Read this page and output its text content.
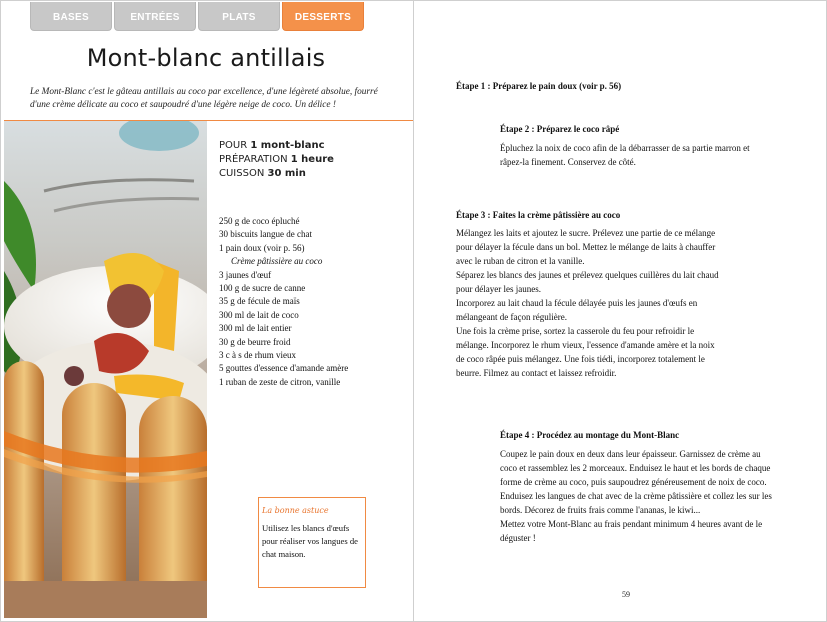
BASES	ENTRÉES	PLATS	DESSERTS
Mont-blanc antillais
Le Mont-Blanc c'est le gâteau antillais au coco par excellence, d'une légèreté absolue, fourré d'une crème délicate au coco et saupoudré d'une légère neige de coco. Un délice !
POUR 1 mont-blanc
PRÉPARATION 1 heure
CUISSON 30 min
250 g de coco épluché
30 biscuits langue de chat
1 pain doux (voir p. 56)
Crème pâtissière au coco
3 jaunes d'œuf
100 g de sucre de canne
35 g de fécule de maïs
300 ml de lait de coco
300 ml de lait entier
30 g de beurre froid
3 c à s de rhum vieux
5 gouttes d'essence d'amande amère
1 ruban de zeste de citron, vanille
La bonne astuce
Utilisez les blancs d'œufs pour réaliser vos langues de chat maison.
Étape 1 : Préparez le pain doux (voir p. 56)
Étape 2 : Préparez le coco râpé
Épluchez la noix de coco afin de la débarrasser de sa partie marron et
râpez-la finement. Conservez de côté.
Étape 3 : Faites la crème pâtissière au coco
Mélangez les laits et ajoutez le sucre. Prélevez une partie de ce mélange
pour délayer la fécule dans un bol. Mettez le mélange de laits à chauffer
avec le ruban de citron et la vanille.
Séparez les blancs des jaunes et prélevez quelques cuillères du lait chaud
pour délayer les jaunes.
Incorporez au lait chaud la fécule délayée puis les jaunes d'œufs en
mélangeant de façon régulière.
Une fois la crème prise, sortez la casserole du feu pour refroidir le
mélange. Incorporez le rhum vieux, l'essence d'amande amère et la noix
de coco râpée puis mélangez. Une fois tiédi, incorporez totalement le
beurre. Filmez au contact et laissez refroidir.
Étape 4 : Procédez au montage du Mont-Blanc
Coupez le pain doux en deux dans leur épaisseur. Garnissez de crème au
coco et rassemblez les 2 morceaux. Enduisez le haut et les bords de chaque
forme de crème au coco, puis saupoudrez généreusement de noix de coco.
Enduisez les langues de chat avec de la crème pâtissière et collez les sur les
bords. Décorez de fruits frais comme l'ananas, le kiwi...
Mettez votre Mont-Blanc au frais pendant minimum 4 heures avant de le
déguster !
59
